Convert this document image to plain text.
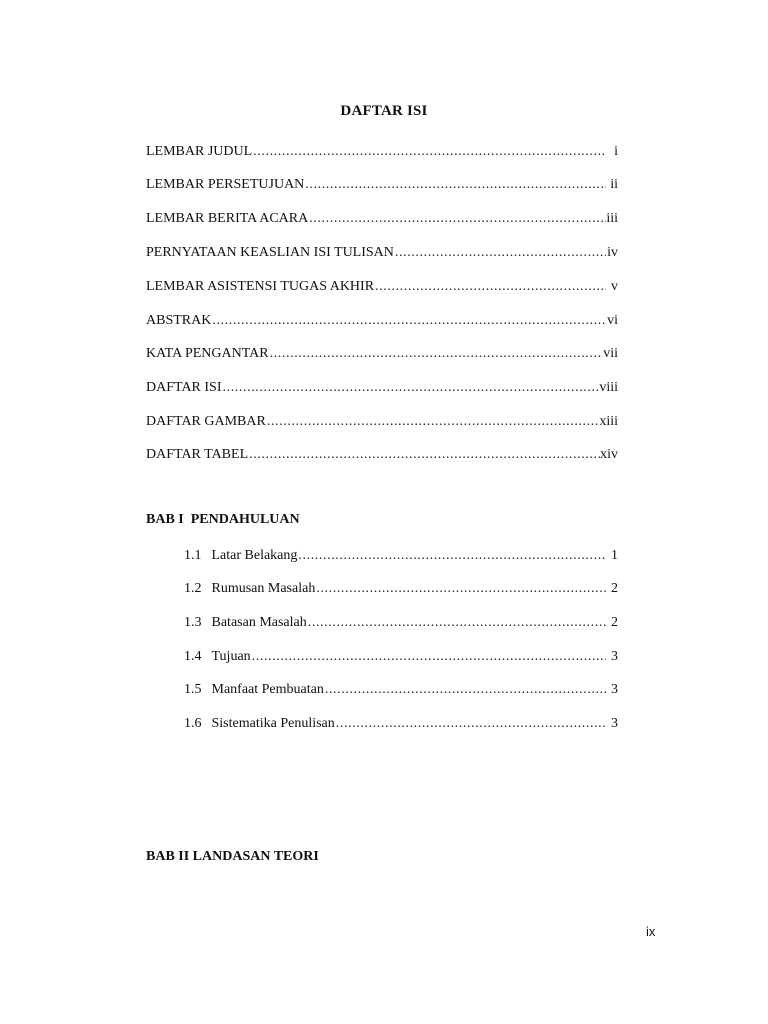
DAFTAR ISI
LEMBAR JUDUL .....	i
LEMBAR PERSETUJUAN .....	ii
LEMBAR BERITA ACARA .....	iii
PERNYATAAN KEASLIAN ISI TULISAN .....	iv
LEMBAR ASISTENSI TUGAS AKHIR .....	v
ABSTRAK .....	vi
KATA PENGANTAR .....	vii
DAFTAR ISI .....	viii
DAFTAR GAMBAR .....	xiii
DAFTAR TABEL .....	xiv
BAB I  PENDAHULUAN
1.1 Latar Belakang .....	1
1.2 Rumusan Masalah .....	2
1.3 Batasan Masalah .....	2
1.4 Tujuan .....	3
1.5 Manfaat Pembuatan .....	3
1.6 Sistematika Penulisan .....	3
BAB II LANDASAN TEORI
ix
